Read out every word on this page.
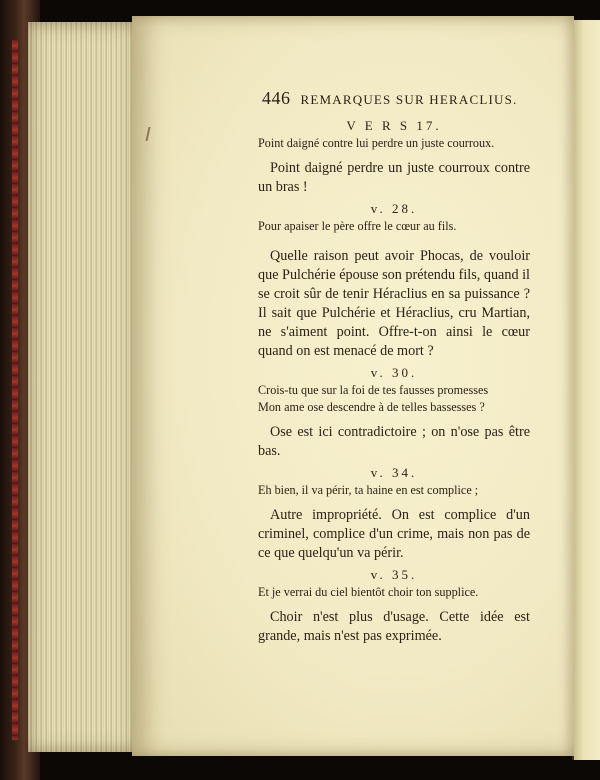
446 REMARQUES SUR HERACLIUS.
V E R S 17.

Point daigné contre lui perdre un juste courroux.

Point daigné perdre un juste courroux contre un bras !

v. 28.

Pour apaiser le père offre le cœur au fils.

Quelle raison peut avoir Phocas, de vouloir que Pulchérie épouse son prétendu fils, quand il se croit sûr de tenir Héraclius en sa puissance ? Il sait que Pulchérie et Héraclius, cru Martian, ne s'aiment point. Offre-t-on ainsi le cœur quand on est menacé de mort ?

v. 30.

Crois-tu que sur la foi de tes fausses promesses

Mon ame ose descendre à de telles bassesses ?

Ose est ici contradictoire ; on n'ose pas être bas.

v. 34.

Eh bien, il va périr, ta haine en est complice ;

Autre impropriété. On est complice d'un criminel, complice d'un crime, mais non pas de ce que quelqu'un va périr.

v. 35.

Et je verrai du ciel bientôt choir ton supplice.

Choir n'est plus d'usage. Cette idée est grande, mais n'est pas exprimée.
